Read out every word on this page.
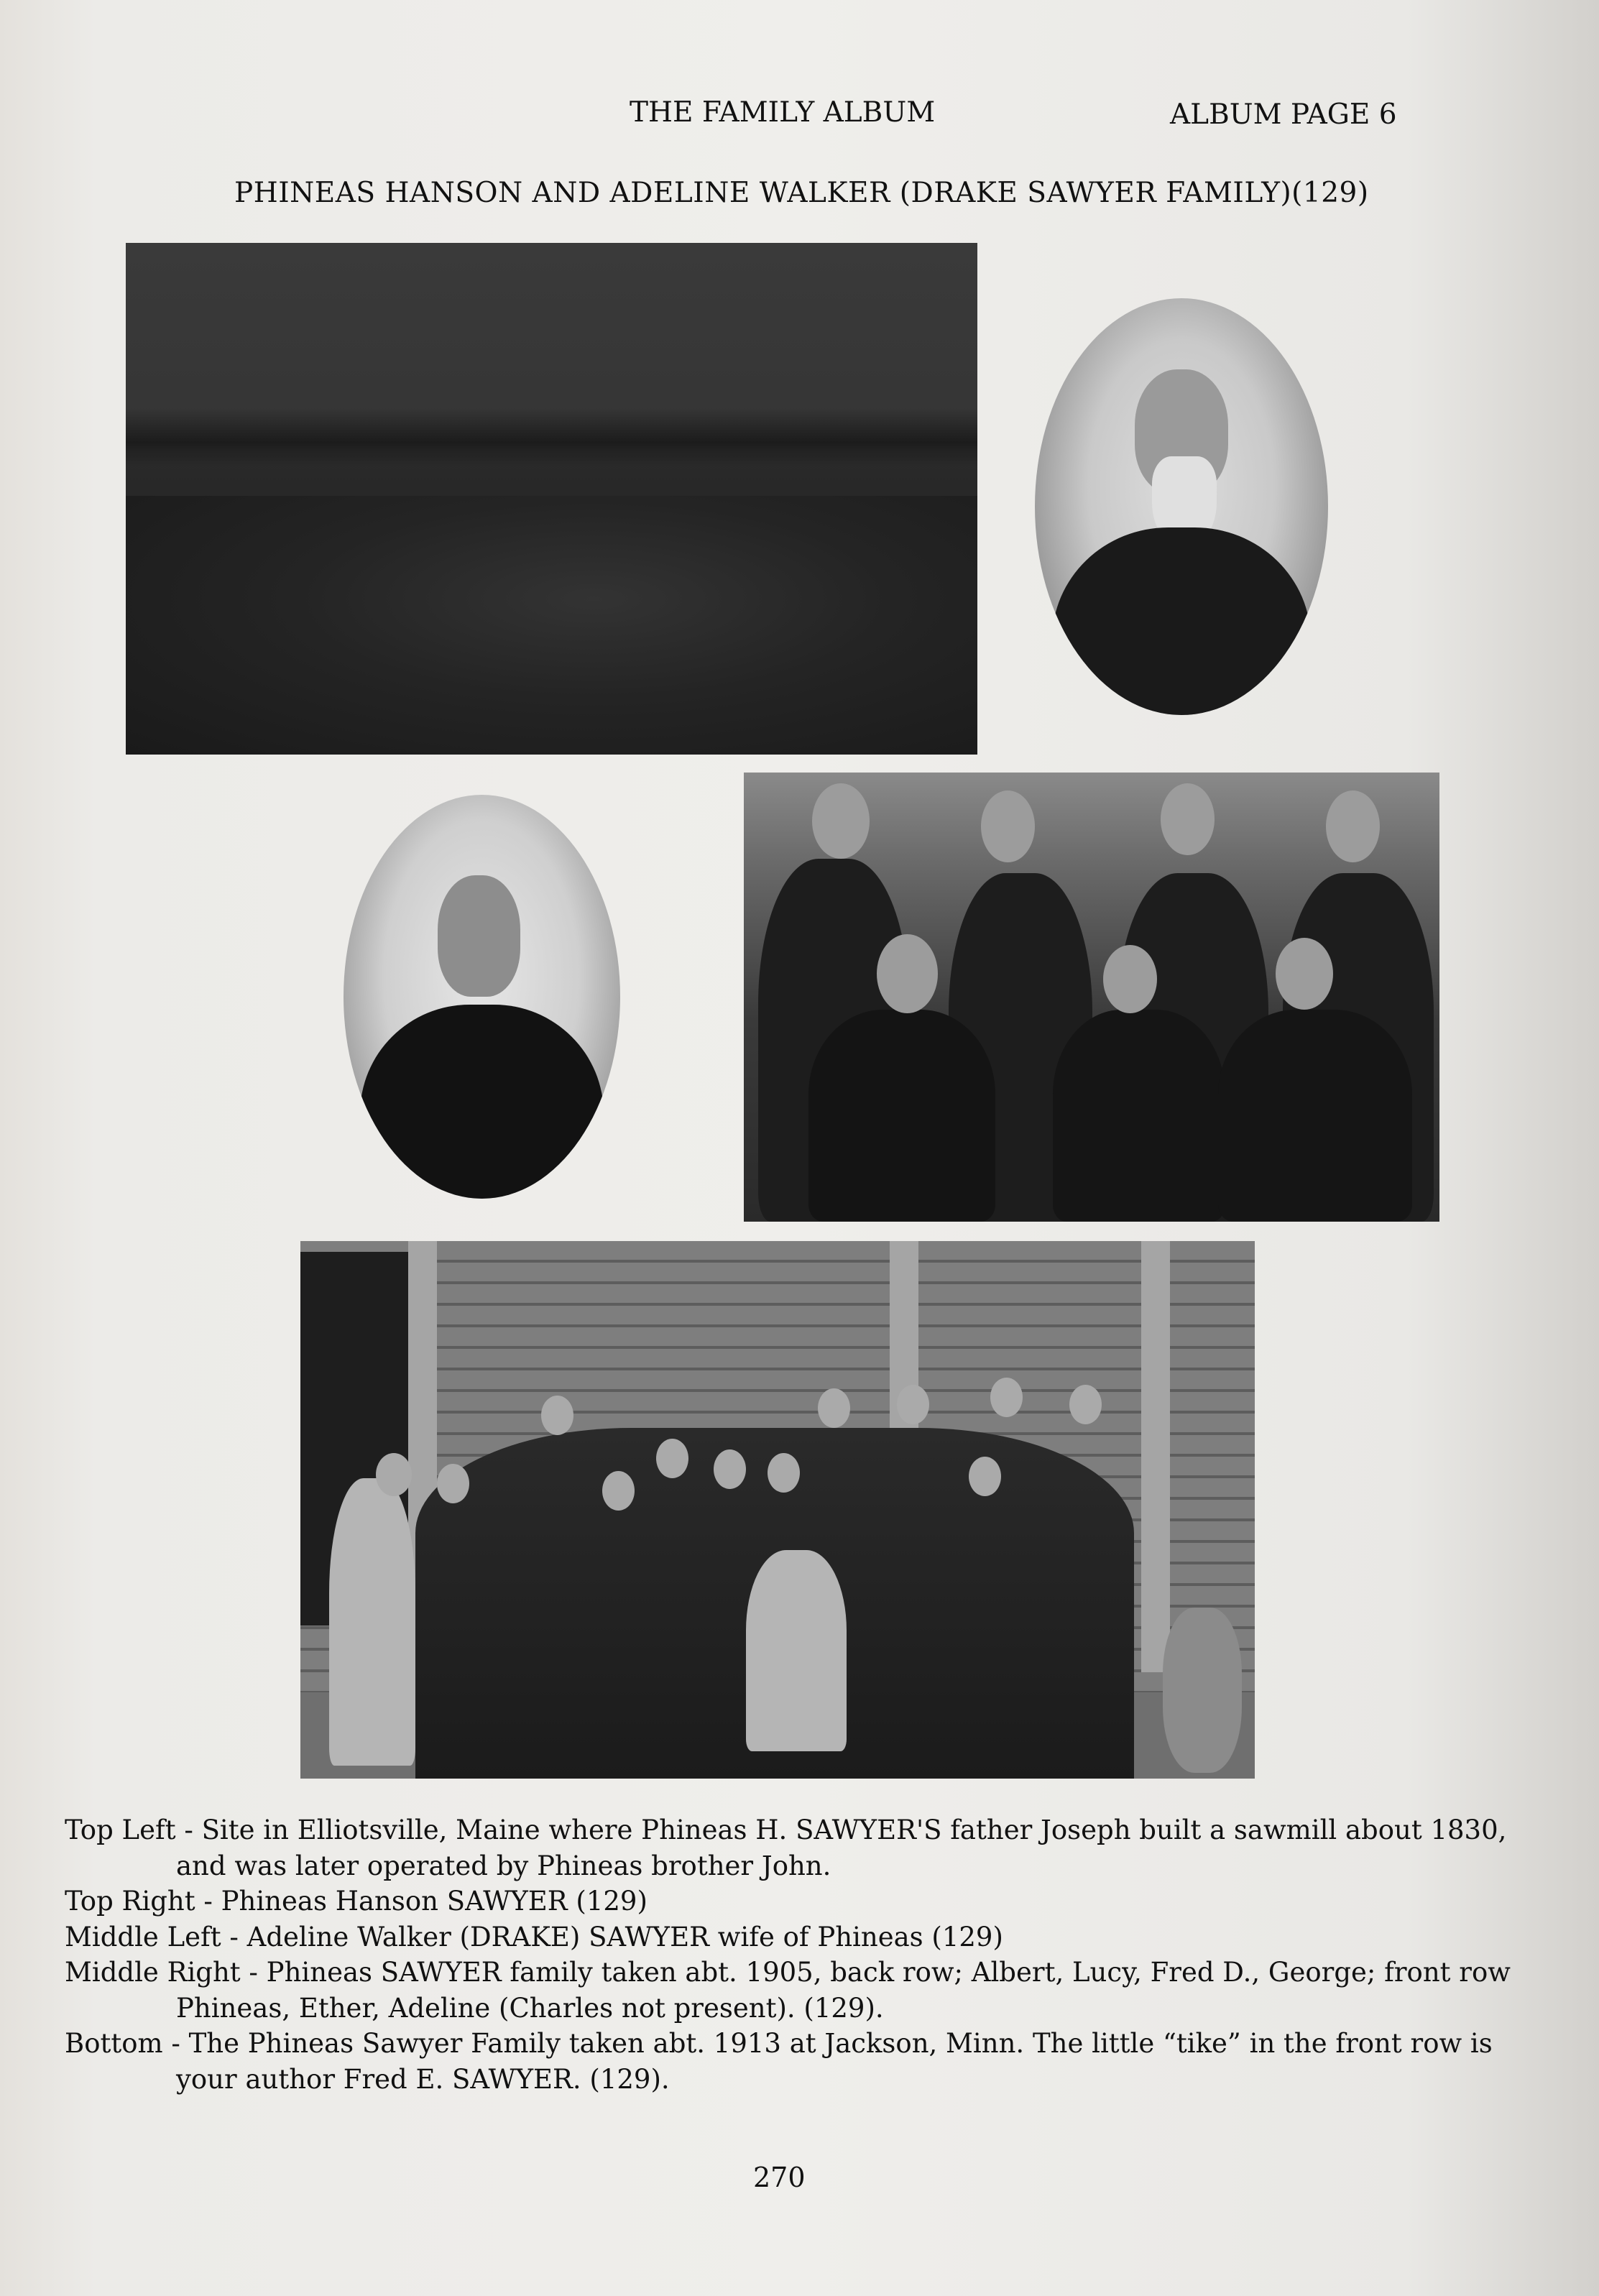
THE FAMILY ALBUM	ALBUM PAGE 6
PHINEAS HANSON AND ADELINE WALKER (DRAKE SAWYER FAMILY)(129)
Top Left - Site in Elliotsville, Maine where Phineas H. SAWYER'S father Joseph built a sawmill about 1830, and was later operated by Phineas brother John.
Top Right - Phineas Hanson SAWYER (129)
Middle Left - Adeline Walker (DRAKE) SAWYER wife of Phineas (129)
Middle Right - Phineas SAWYER family taken abt. 1905, back row; Albert, Lucy, Fred D., George; front row Phineas, Ether, Adeline (Charles not present). (129).
Bottom - The Phineas Sawyer Family taken abt. 1913 at Jackson, Minn. The little “tike” in the front row is your author Fred E. SAWYER. (129).
270
